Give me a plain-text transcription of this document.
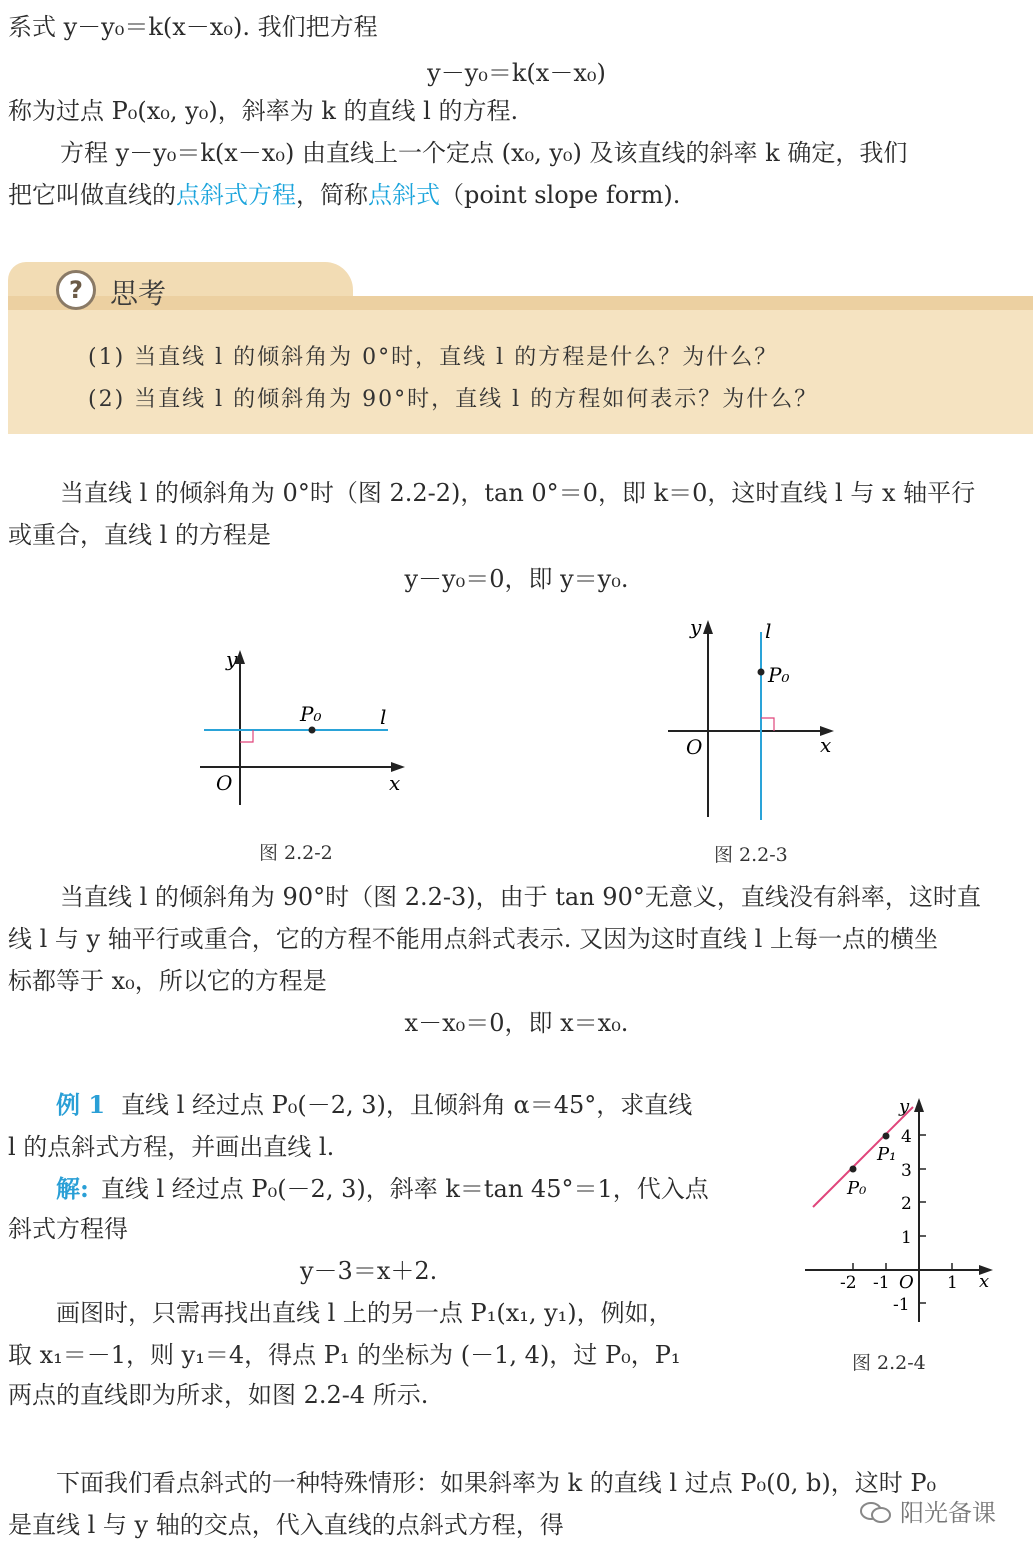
系式 y－y₀＝k(x－x₀). 我们把方程
y－y₀＝k(x－x₀)
称为过点 P₀(x₀, y₀)，斜率为 k 的直线 l 的方程.
方程 y－y₀＝k(x－x₀) 由直线上一个定点 (x₀, y₀) 及该直线的斜率 k 确定，我们
把它叫做直线的点斜式方程，简称点斜式（point slope form).
? 思考
(1) 当直线 l 的倾斜角为 0°时，直线 l 的方程是什么？为什么？
(2) 当直线 l 的倾斜角为 90°时，直线 l 的方程如何表示？为什么？
当直线 l 的倾斜角为 0°时（图 2.2-2)，tan 0°＝0，即 k＝0，这时直线 l 与 x 轴平行
或重合，直线 l 的方程是
y－y₀＝0，即 y＝y₀.
y
x
O
P₀	l
图 2.2-2
y
x
O
P₀
l
图 2.2-3
当直线 l 的倾斜角为 90°时（图 2.2-3)，由于 tan 90°无意义，直线没有斜率，这时直
线 l 与 y 轴平行或重合，它的方程不能用点斜式表示. 又因为这时直线 l 上每一点的横坐
标都等于 x₀，所以它的方程是
x－x₀＝0，即 x＝x₀.
例 1 直线 l 经过点 P₀(－2, 3)，且倾斜角 α＝45°，求直线
l 的点斜式方程，并画出直线 l.
解: 直线 l 经过点 P₀(－2, 3)，斜率 k＝tan 45°＝1，代入点
斜式方程得
y－3＝x＋2.
画图时，只需再找出直线 l 上的另一点 P₁(x₁, y₁)，例如，
取 x₁＝－1，则 y₁＝4，得点 P₁ 的坐标为 (－1, 4)，过 P₀，P₁
两点的直线即为所求，如图 2.2-4 所示.
y
x
O
P₀
P₁
4
3
2
1
-1
-2 -1	1
图 2.2-4
下面我们看点斜式的一种特殊情形：如果斜率为 k 的直线 l 过点 P₀(0, b)，这时 P₀
是直线 l 与 y 轴的交点，代入直线的点斜式方程，得	阳光备课
